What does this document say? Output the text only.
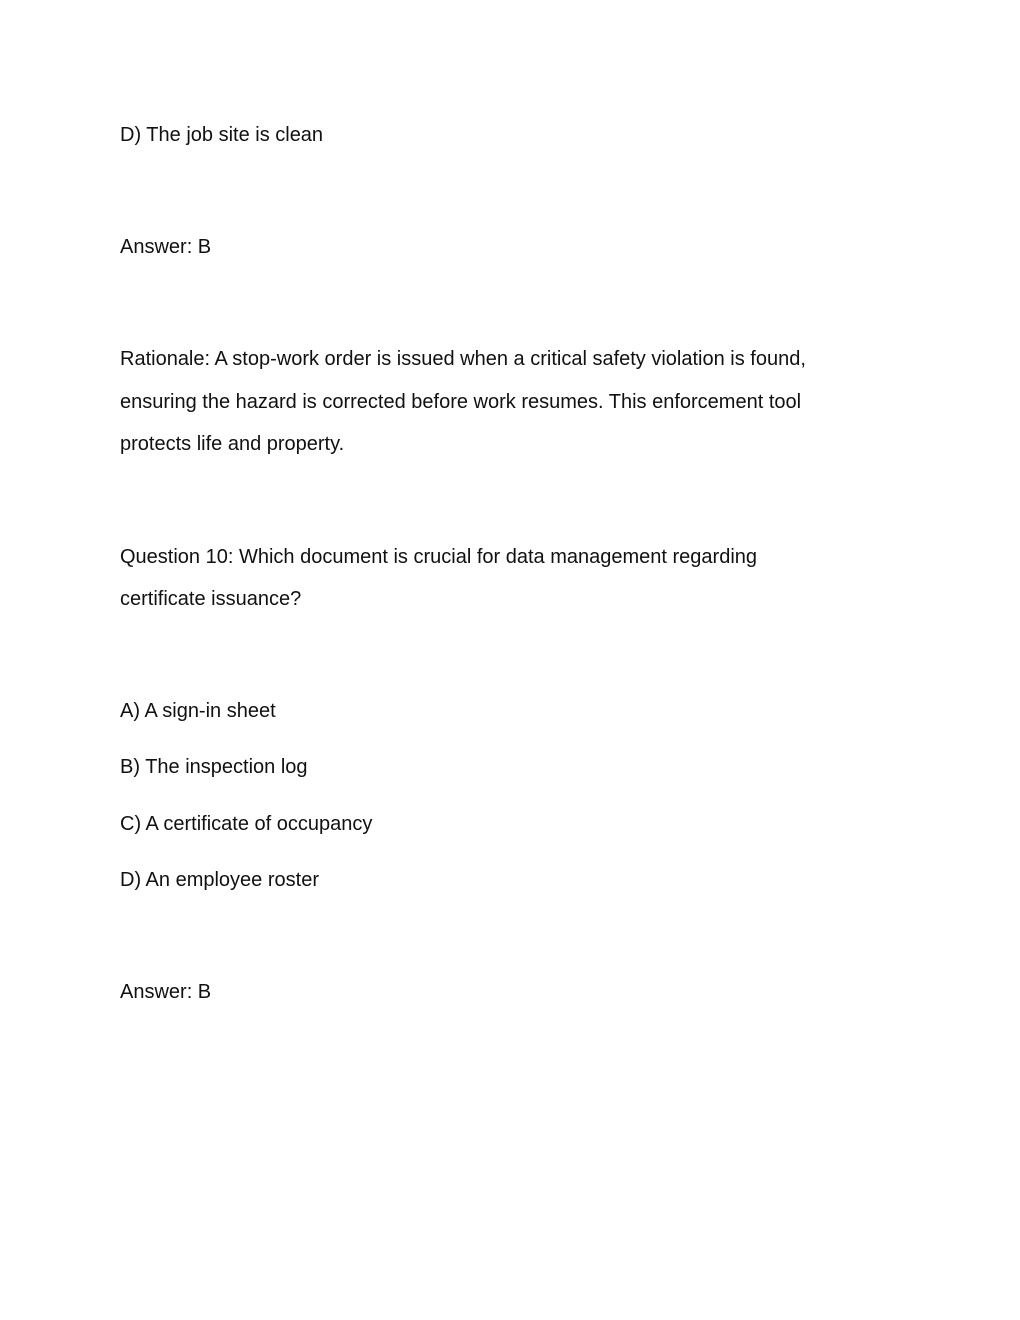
D) The job site is clean
Answer: B
Rationale: A stop-work order is issued when a critical safety violation is found,
ensuring the hazard is corrected before work resumes. This enforcement tool
protects life and property.
Question 10: Which document is crucial for data management regarding
certificate issuance?
A) A sign-in sheet
B) The inspection log
C) A certificate of occupancy
D) An employee roster
Answer: B
